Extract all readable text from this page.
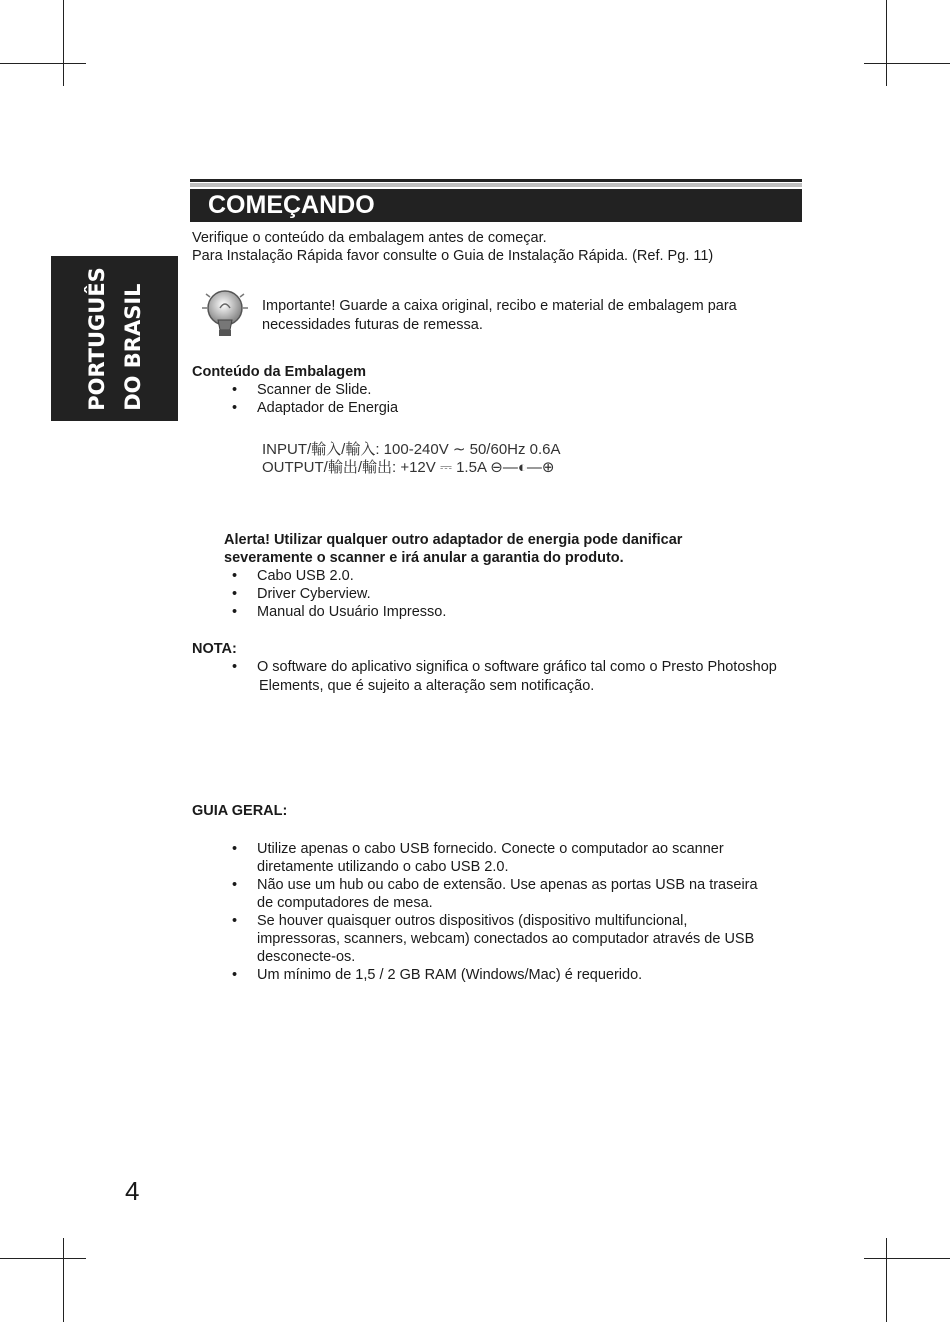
PORTUGUÊS DO BRASIL
COMEÇANDO
Verifique o conteúdo da embalagem antes de começar.
Para Instalação Rápida favor consulte o Guia de Instalação Rápida. (Ref. Pg. 11)
Importante! Guarde a caixa original, recibo e material de embalagem para
necessidades futuras de remessa.
Conteúdo da Embalagem
• Scanner de Slide.
• Adaptador de Energia
INPUT/輸入/輸入: 100-240V ∼ 50/60Hz 0.6A
OUTPUT/輸出/輸出: +12V ⎓ 1.5A ⊖—◐—⊕
Alerta! Utilizar qualquer outro adaptador de energia pode danificar
severamente o scanner e irá anular a garantia do produto.
• Cabo USB 2.0.
• Driver Cyberview.
• Manual do Usuário Impresso.
NOTA:
• O software do aplicativo significa o software gráfico tal como o Presto Photoshop
Elements, que é sujeito a alteração sem notificação.
GUIA GERAL:
• Utilize apenas o cabo USB fornecido. Conecte o computador ao scanner
diretamente utilizando o cabo USB 2.0.
• Não use um hub ou cabo de extensão. Use apenas as portas USB na traseira
de computadores de mesa.
• Se houver quaisquer outros dispositivos (dispositivo multifuncional,
impressoras, scanners, webcam) conectados ao computador através de USB
desconecte-os.
• Um mínimo de 1,5 / 2 GB RAM (Windows/Mac) é requerido.
4
